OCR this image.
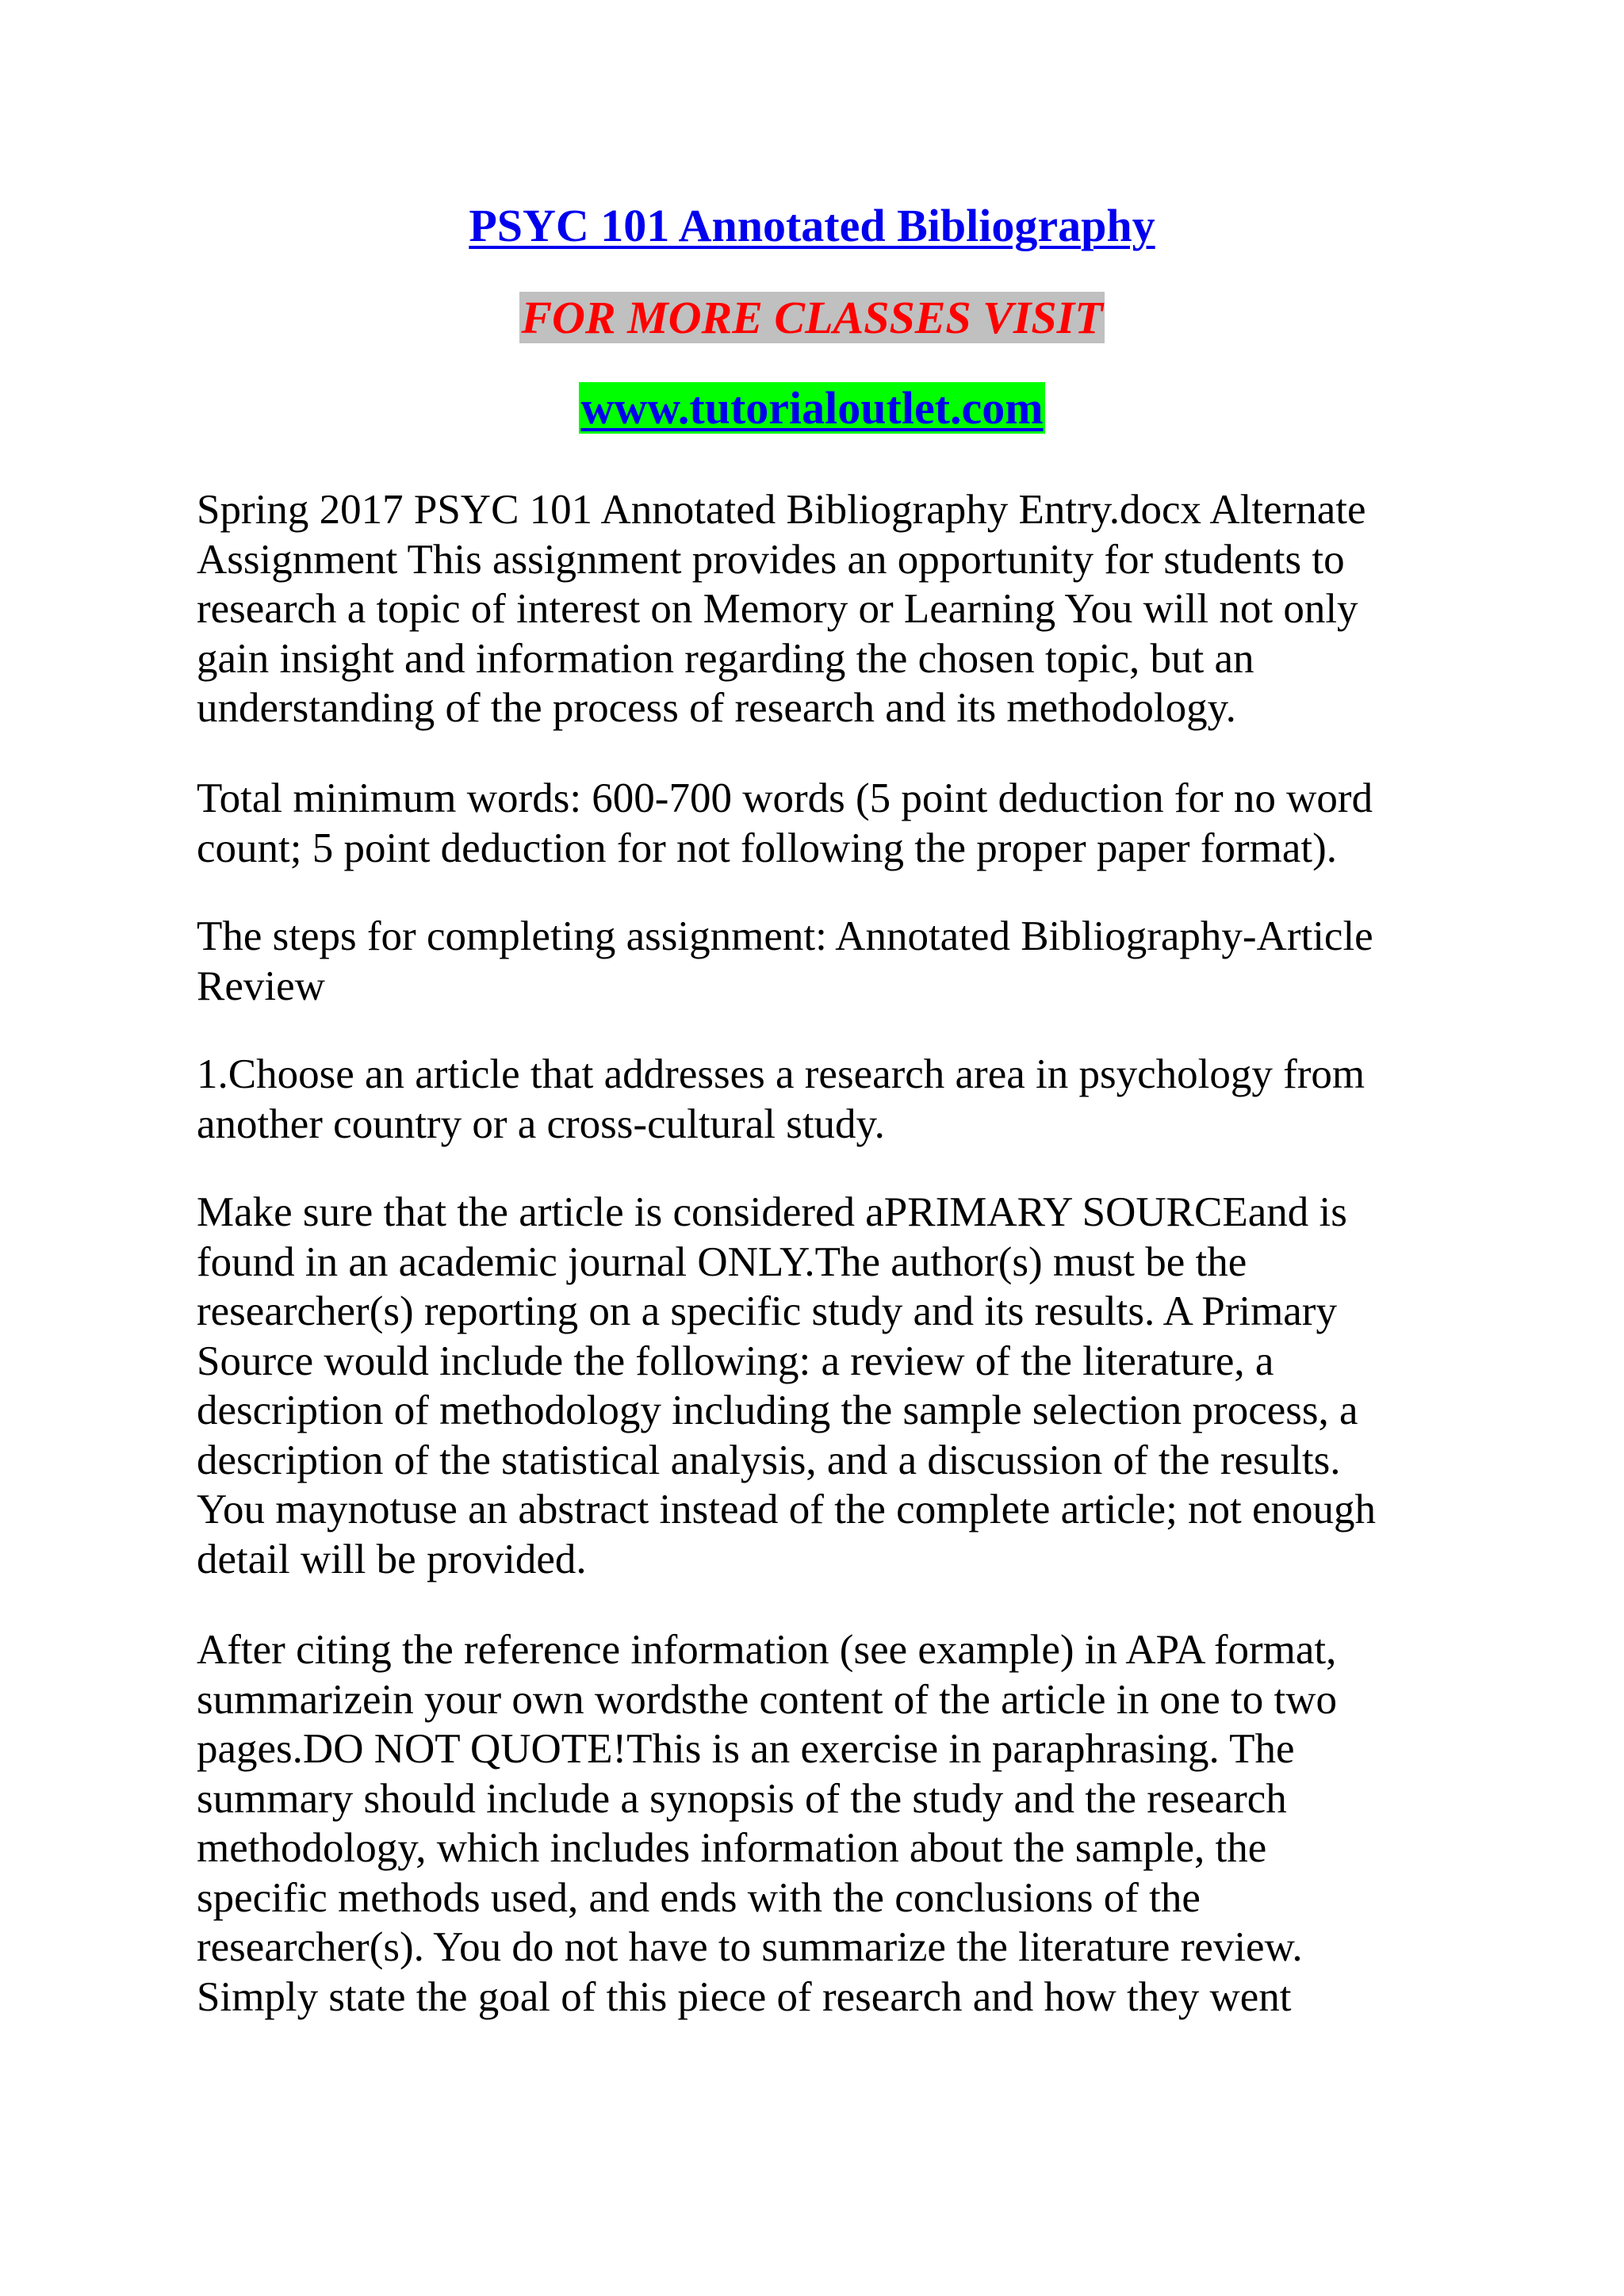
PSYC 101 Annotated Bibliography
FOR MORE CLASSES VISIT
www.tutorialoutlet.com

Spring 2017 PSYC 101 Annotated Bibliography Entry.docx Alternate
Assignment This assignment provides an opportunity for students to
research a topic of interest on Memory or Learning You will not only
gain insight and information regarding the chosen topic, but an
understanding of the process of research and its methodology.

Total minimum words: 600-700 words (5 point deduction for no word
count; 5 point deduction for not following the proper paper format).

The steps for completing assignment: Annotated Bibliography-Article
Review

1.Choose an article that addresses a research area in psychology from
another country or a cross-cultural study.

Make sure that the article is considered aPRIMARY SOURCEand is
found in an academic journal ONLY.The author(s) must be the
researcher(s) reporting on a specific study and its results. A Primary
Source would include the following: a review of the literature, a
description of methodology including the sample selection process, a
description of the statistical analysis, and a discussion of the results.
You maynotuse an abstract instead of the complete article; not enough
detail will be provided.

After citing the reference information (see example) in APA format,
summarizein your own wordsthe content of the article in one to two
pages.DO NOT QUOTE!This is an exercise in paraphrasing. The
summary should include a synopsis of the study and the research
methodology, which includes information about the sample, the
specific methods used, and ends with the conclusions of the
researcher(s). You do not have to summarize the literature review.
Simply state the goal of this piece of research and how they went
